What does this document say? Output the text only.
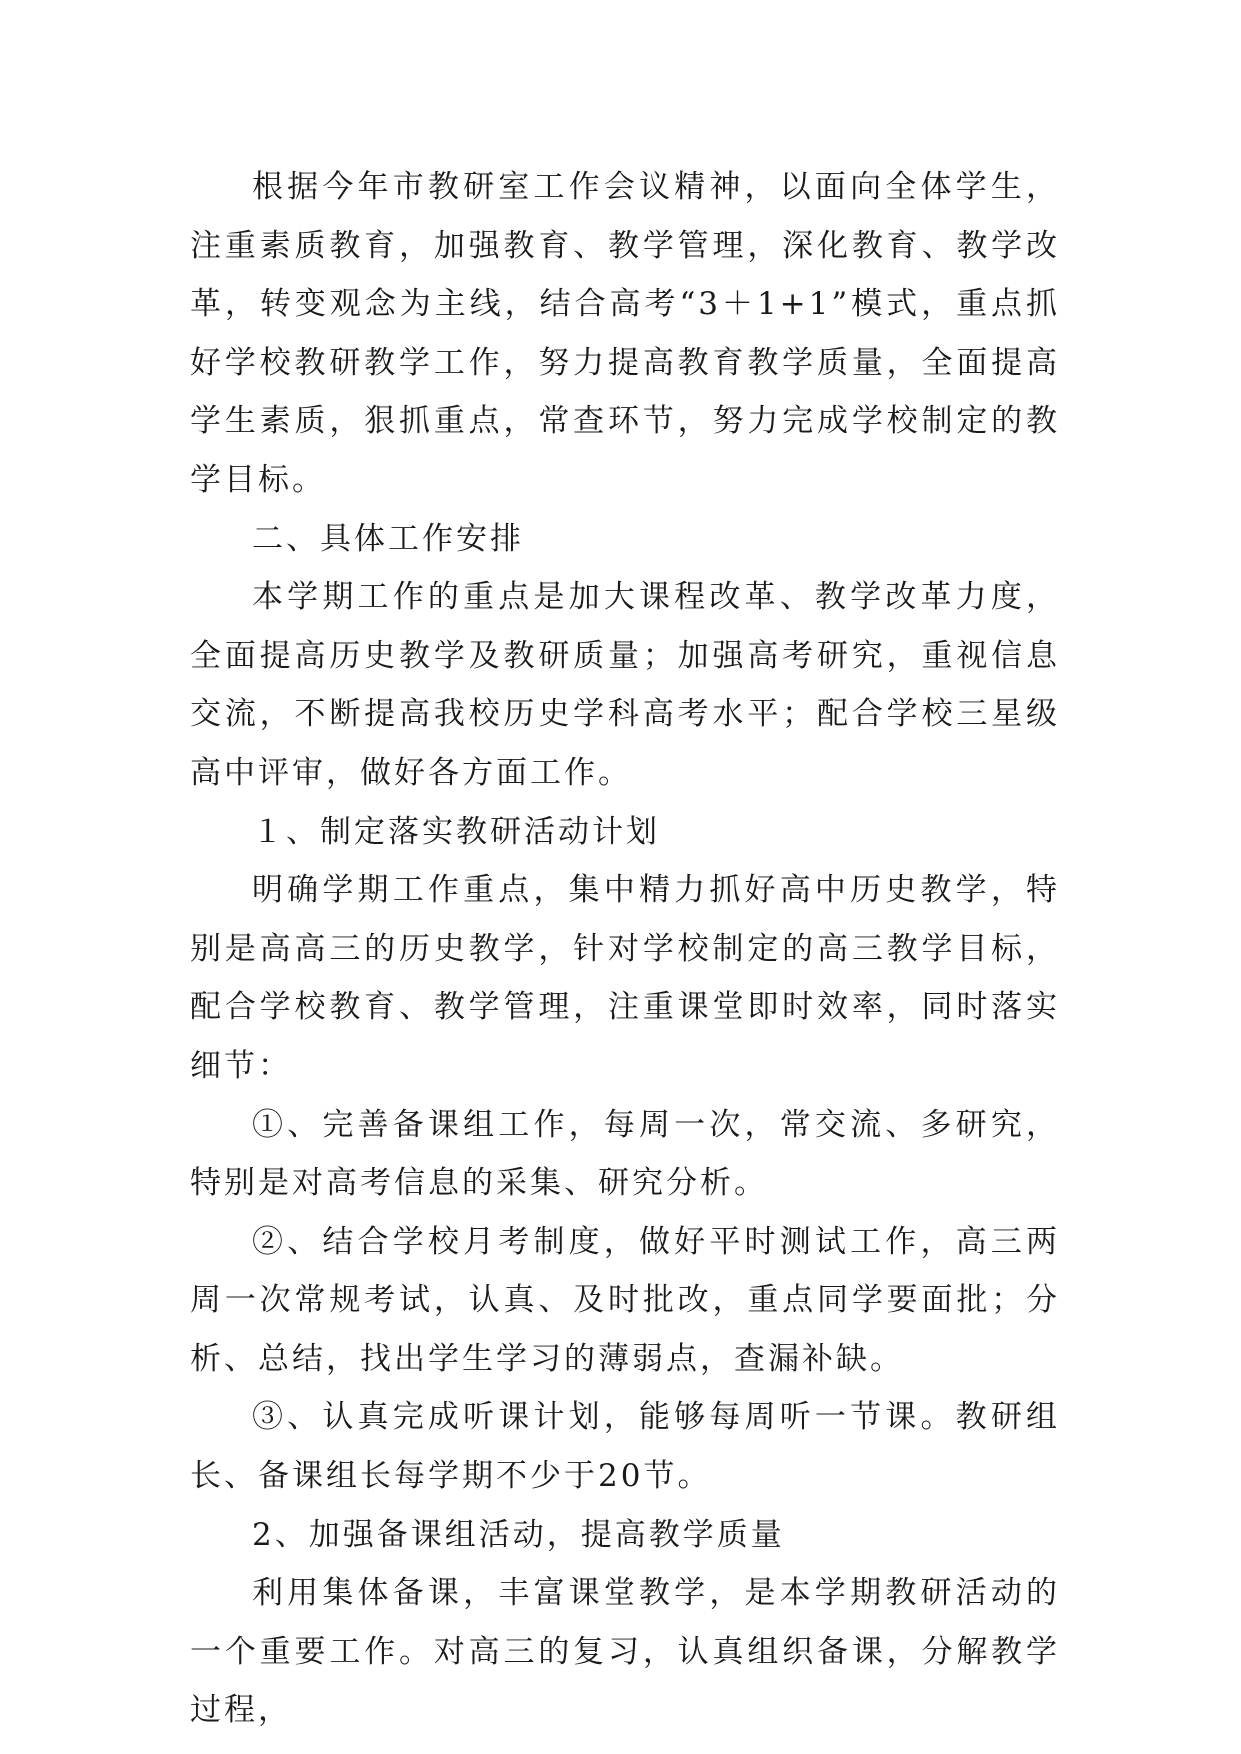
根据今年市教研室工作会议精神，以面向全体学生，注重素质教育，加强教育、教学管理，深化教育、教学改革，转变观念为主线，结合高考“3＋1+1”模式，重点抓好学校教研教学工作，努力提高教育教学质量，全面提高学生素质，狠抓重点，常查环节，努力完成学校制定的教学目标。

二、具体工作安排

本学期工作的重点是加大课程改革、教学改革力度，全面提高历史教学及教研质量；加强高考研究，重视信息交流，不断提高我校历史学科高考水平；配合学校三星级高中评审，做好各方面工作。

１、制定落实教研活动计划

明确学期工作重点，集中精力抓好高中历史教学，特别是高高三的历史教学，针对学校制定的高三教学目标，配合学校教育、教学管理，注重课堂即时效率，同时落实细节：

①、完善备课组工作，每周一次，常交流、多研究，特别是对高考信息的采集、研究分析。

②、结合学校月考制度，做好平时测试工作，高三两周一次常规考试，认真、及时批改，重点同学要面批；分析、总结，找出学生学习的薄弱点，查漏补缺。

③、认真完成听课计划，能够每周听一节课。教研组长、备课组长每学期不少于20节。

2、加强备课组活动，提高教学质量

利用集体备课，丰富课堂教学，是本学期教研活动的一个重要工作。对高三的复习，认真组织备课，分解教学过程，
